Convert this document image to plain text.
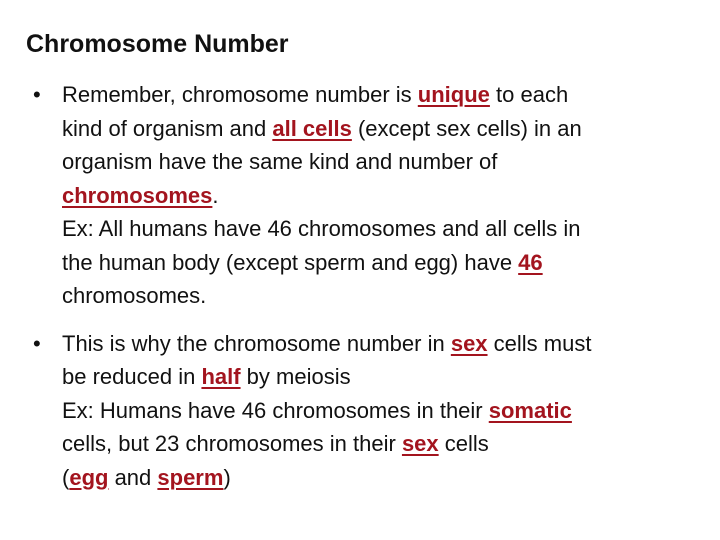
Chromosome Number
• Remember, chromosome number is unique to each
kind of organism and all cells (except sex cells) in an
organism have the same kind and number of
chromosomes.
Ex: All humans have 46 chromosomes and all cells in
the human body (except sperm and egg) have 46
chromosomes.
• This is why the chromosome number in sex cells must
be reduced in half by meiosis
Ex: Humans have 46 chromosomes in their somatic
cells, but 23 chromosomes in their sex cells
(egg and sperm)
